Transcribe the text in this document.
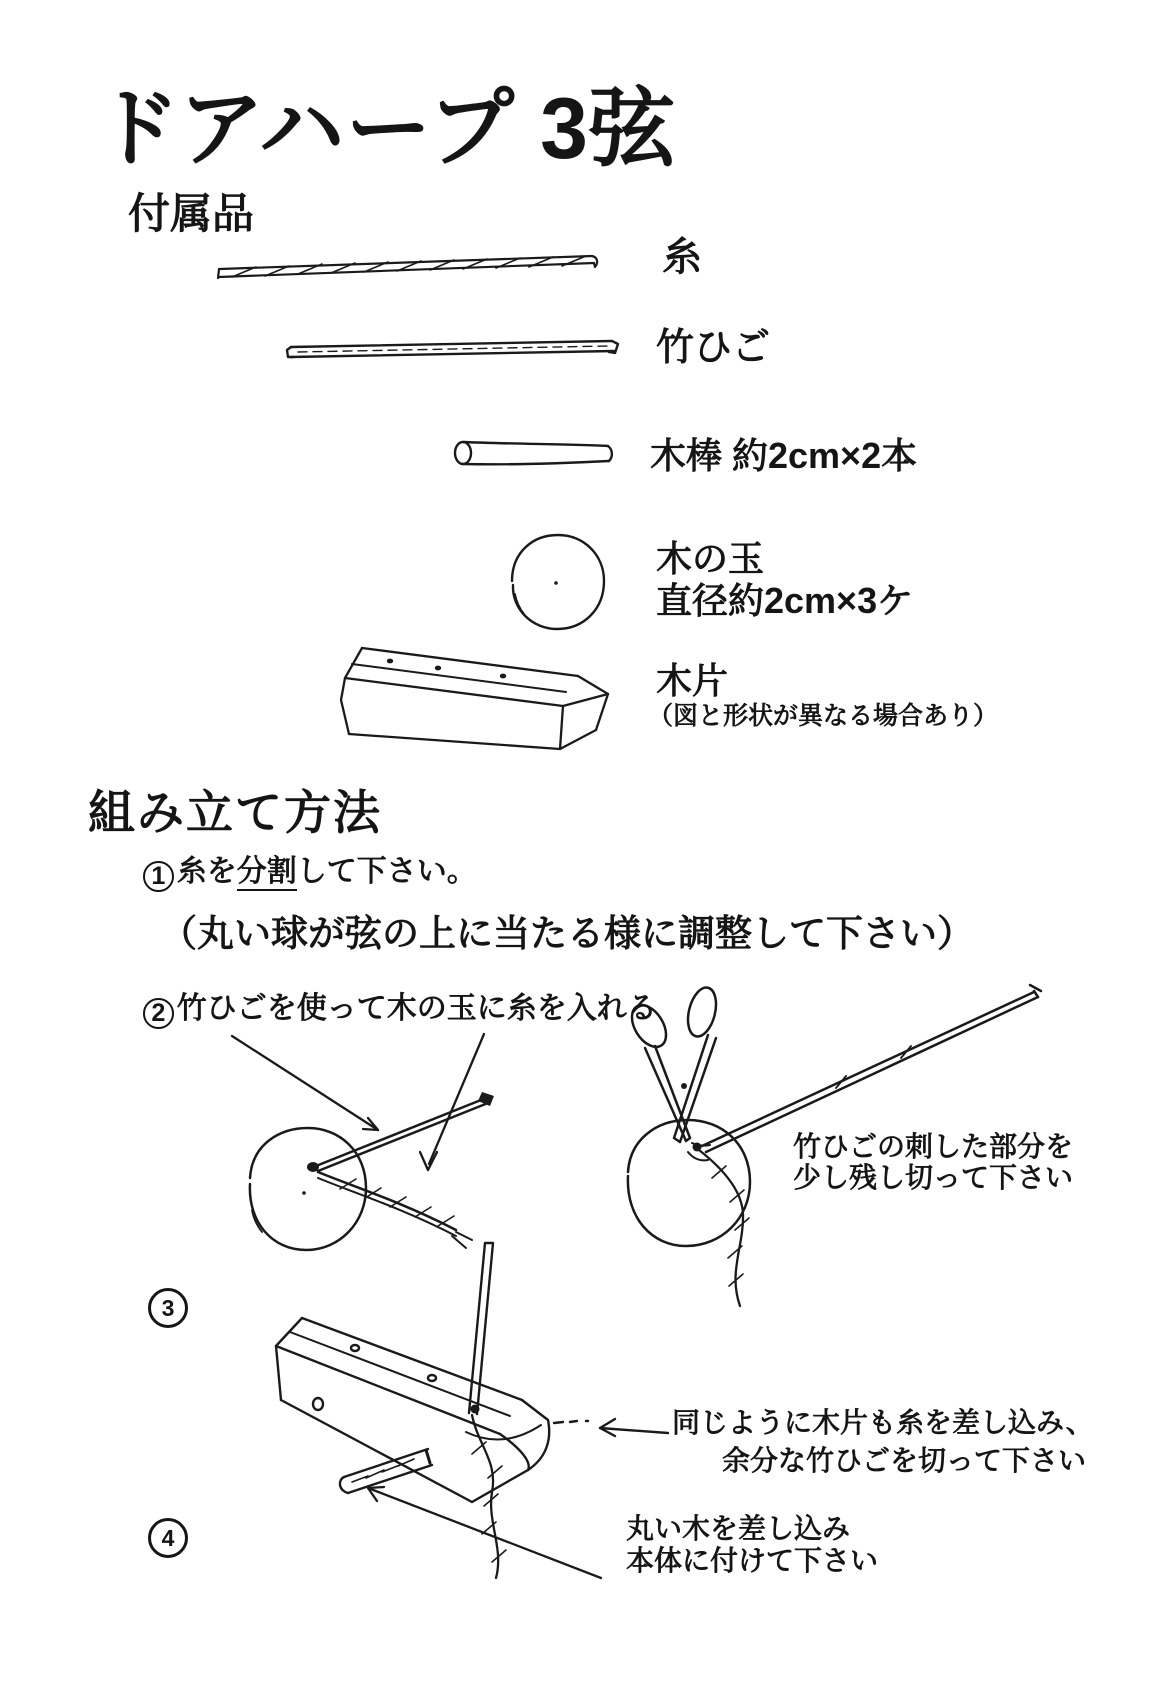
ドアハープ 3弦
付属品
糸
竹ひご
木棒 約2cm×2本
木の玉
直径約2cm×3ケ
木片
（図と形状が異なる場合あり）
組み立て方法
1 糸を分割して下さい。
（丸い球が弦の上に当たる様に調整して下さい）
2 竹ひごを使って木の玉に糸を入れる
竹ひごの刺した部分を
少し残し切って下さい
3
同じように木片も糸を差し込み、
余分な竹ひごを切って下さい
4	丸い木を差し込み
本体に付けて下さい
